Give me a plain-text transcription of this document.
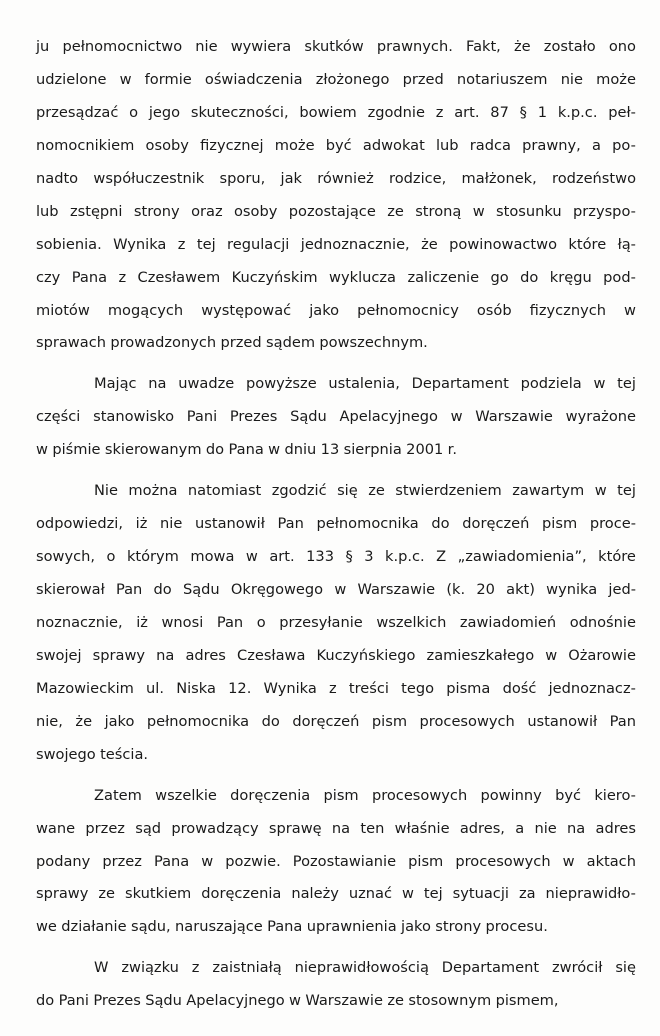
ju pełnomocnictwo nie wywiera skutków prawnych. Fakt, że zostało ono
udzielone w formie oświadczenia złożonego przed notariuszem nie może
przesądzać o jego skuteczności, bowiem zgodnie z art. 87 § 1 k.p.c. peł-
nomocnikiem osoby fizycznej może być adwokat lub radca prawny, a po-
nadto współuczestnik sporu, jak również rodzice, małżonek, rodzeństwo
lub zstępni strony oraz osoby pozostające ze stroną w stosunku przyspo-
sobienia. Wynika z tej regulacji jednoznacznie, że powinowactwo które łą-
czy Pana z Czesławem Kuczyńskim wyklucza zaliczenie go do kręgu pod-
miotów mogących występować jako pełnomocnicy osób fizycznych w
sprawach prowadzonych przed sądem powszechnym.
Mając na uwadze powyższe ustalenia, Departament podziela w tej
części stanowisko Pani Prezes Sądu Apelacyjnego w Warszawie wyrażone
w piśmie skierowanym do Pana w dniu 13 sierpnia 2001 r.
Nie można natomiast zgodzić się ze stwierdzeniem zawartym w tej
odpowiedzi, iż nie ustanowił Pan pełnomocnika do doręczeń pism proce-
sowych, o którym mowa w art. 133 § 3 k.p.c. Z „zawiadomienia”, które
skierował Pan do Sądu Okręgowego w Warszawie (k. 20 akt) wynika jed-
noznacznie, iż wnosi Pan o przesyłanie wszelkich zawiadomień odnośnie
swojej sprawy na adres Czesława Kuczyńskiego zamieszkałego w Ożarowie
Mazowieckim ul. Niska 12. Wynika z treści tego pisma dość jednoznacz-
nie, że jako pełnomocnika do doręczeń pism procesowych ustanowił Pan
swojego teścia.
Zatem wszelkie doręczenia pism procesowych powinny być kiero-
wane przez sąd prowadzący sprawę na ten właśnie adres, a nie na adres
podany przez Pana w pozwie. Pozostawianie pism procesowych w aktach
sprawy ze skutkiem doręczenia należy uznać w tej sytuacji za nieprawidło-
we działanie sądu, naruszające Pana uprawnienia jako strony procesu.
W związku z zaistniałą nieprawidłowością Departament zwrócił się
do Pani Prezes Sądu Apelacyjnego w Warszawie ze stosownym pismem,
